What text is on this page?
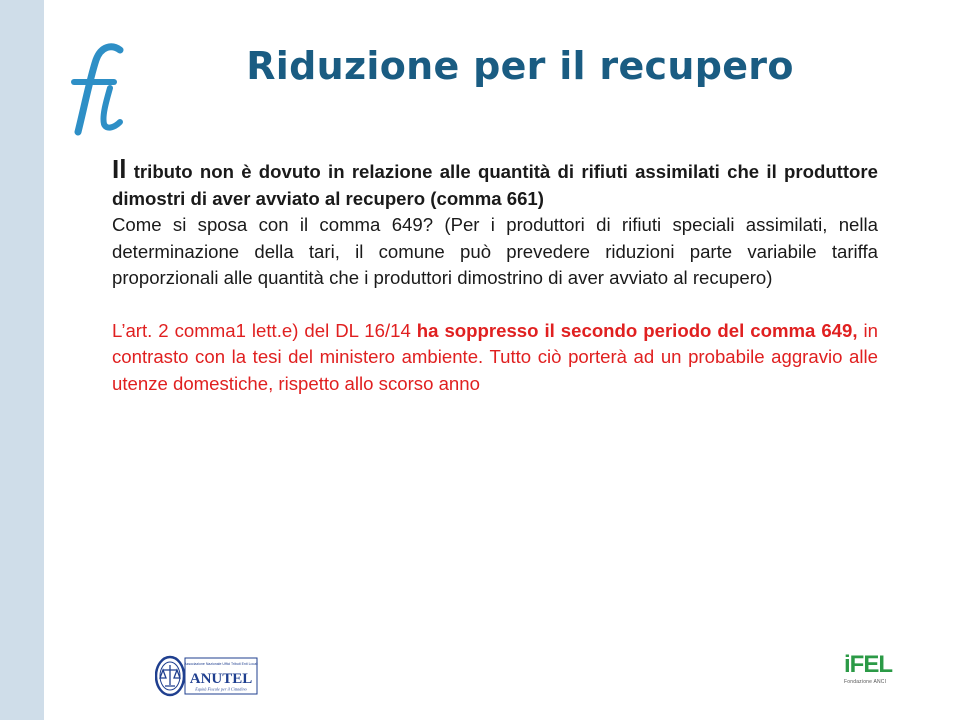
Riduzione per il recupero

Il tributo non è dovuto in relazione alle quantità di rifiuti assimilati che il produttore dimostri di aver avviato al recupero (comma 661)

Come si sposa con il comma 649? (Per i produttori di rifiuti speciali assimilati, nella determinazione della tari, il comune può prevedere riduzioni parte variabile tariffa proporzionali alle quantità che i produttori dimostrino di aver avviato al recupero)

L’art. 2 comma1 lett.e) del DL 16/14 ha soppresso il secondo periodo del comma 649, in contrasto con la tesi del ministero ambiente. Tutto ciò porterà ad un probabile aggravio alle utenze domestiche, rispetto allo scorso anno

Associazione Nazionale Uffici Tributi Enti Locali
ANUTEL
Equità Fiscale per il Cittadino
iFEL
Fondazione ANCI
